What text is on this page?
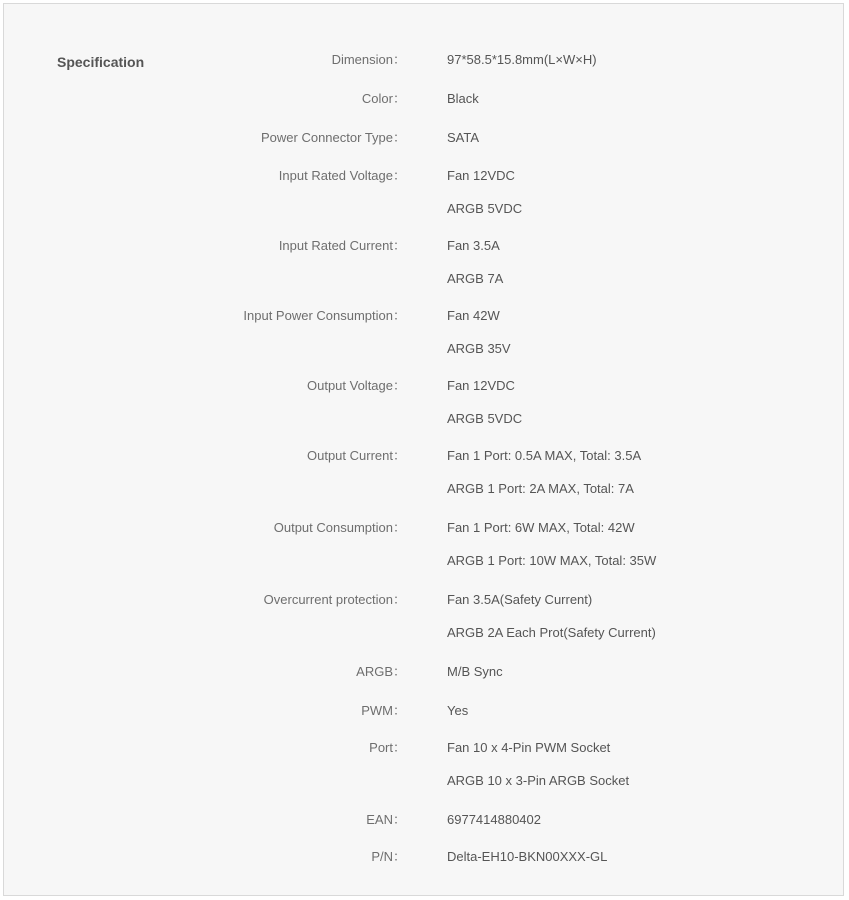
Specification	Dimension：	97*58.5*15.8mm(L×W×H)
Color：	Black
Power Connector Type：	SATA
Input Rated Voltage：	Fan 12VDC
ARGB 5VDC
Input Rated Current：	Fan 3.5A
ARGB 7A
Input Power Consumption：	Fan 42W
ARGB 35V
Output Voltage：	Fan 12VDC
ARGB 5VDC
Output Current：	Fan 1 Port: 0.5A MAX, Total: 3.5A
ARGB 1 Port: 2A MAX, Total: 7A
Output Consumption：	Fan 1 Port: 6W MAX, Total: 42W
ARGB 1 Port: 10W MAX, Total: 35W
Overcurrent protection：	Fan 3.5A(Safety Current)
ARGB 2A Each Prot(Safety Current)
ARGB：	M/B Sync
PWM：	Yes
Port：	Fan 10 x 4-Pin PWM Socket
ARGB 10 x 3-Pin ARGB Socket
EAN：	6977414880402
P/N：	Delta-EH10-BKN00XXX-GL
